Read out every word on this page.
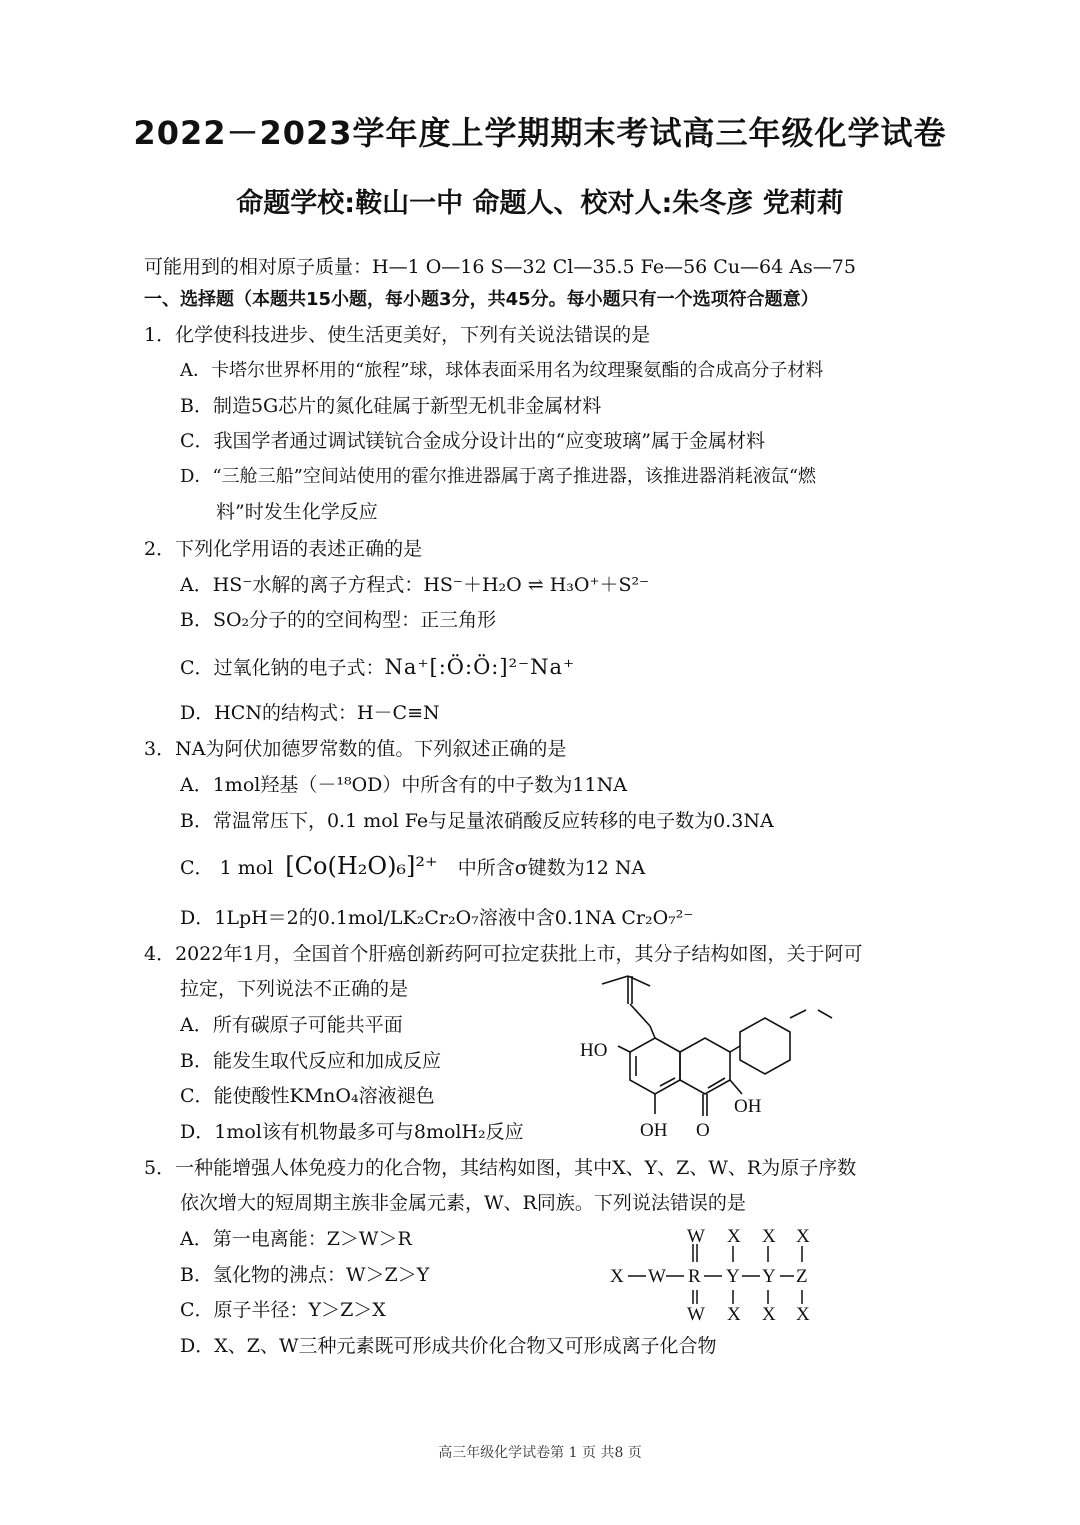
2022－2023学年度上学期期末考试高三年级化学试卷
命题学校:鞍山一中 命题人、校对人:朱冬彦 党莉莉
可能用到的相对原子质量：H—1 O—16 S—32 Cl—35.5 Fe—56 Cu—64 As—75
一、选择题（本题共15小题，每小题3分，共45分。每小题只有一个选项符合题意）
1．化学使科技进步、使生活更美好，下列有关说法错误的是
A．卡塔尔世界杯用的“旅程”球，球体表面采用名为纹理聚氨酯的合成高分子材料
B．制造5G芯片的氮化硅属于新型无机非金属材料
C．我国学者通过调试镁钪合金成分设计出的“应变玻璃”属于金属材料
D．“三舱三船”空间站使用的霍尔推进器属于离子推进器，该推进器消耗液氙“燃
料”时发生化学反应
2．下列化学用语的表述正确的是
A．HS⁻水解的离子方程式：HS⁻＋H₂O ⇌ H₃O⁺＋S²⁻
B．SO₂分子的的空间构型：正三角形
C．过氧化钠的电子式：Na⁺[:Ö:Ö:]²⁻Na⁺
D．HCN的结构式：H－C≡N
3．NA为阿伏加德罗常数的值。下列叙述正确的是
A．1mol羟基（－¹⁸OD）中所含有的中子数为11NA
B．常温常压下，0.1 mol Fe与足量浓硝酸反应转移的电子数为0.3NA
C． 1 mol [Co(H₂O)₆]²⁺ 中所含σ键数为12 NA
D．1LpH＝2的0.1mol/LK₂Cr₂O₇溶液中含0.1NA Cr₂O₇²⁻
4．2022年1月，全国首个肝癌创新药阿可拉定获批上市，其分子结构如图，关于阿可
拉定，下列说法不正确的是
A．所有碳原子可能共平面
B．能发生取代反应和加成反应
C．能使酸性KMnO₄溶液褪色
D．1mol该有机物最多可与8molH₂反应
HO
OH
OH O
5．一种能增强人体免疫力的化合物，其结构如图，其中X、Y、Z、W、R为原子序数
依次增大的短周期主族非金属元素，W、R同族。下列说法错误的是
A．第一电离能：Z＞W＞R
B．氢化物的沸点：W＞Z＞Y
C．原子半径：Y＞Z＞X
D．X、Z、W三种元素既可形成共价化合物又可形成离子化合物
W X X X
X W R Y Y Z
W X X X
高三年级化学试卷第 1 页 共8 页
